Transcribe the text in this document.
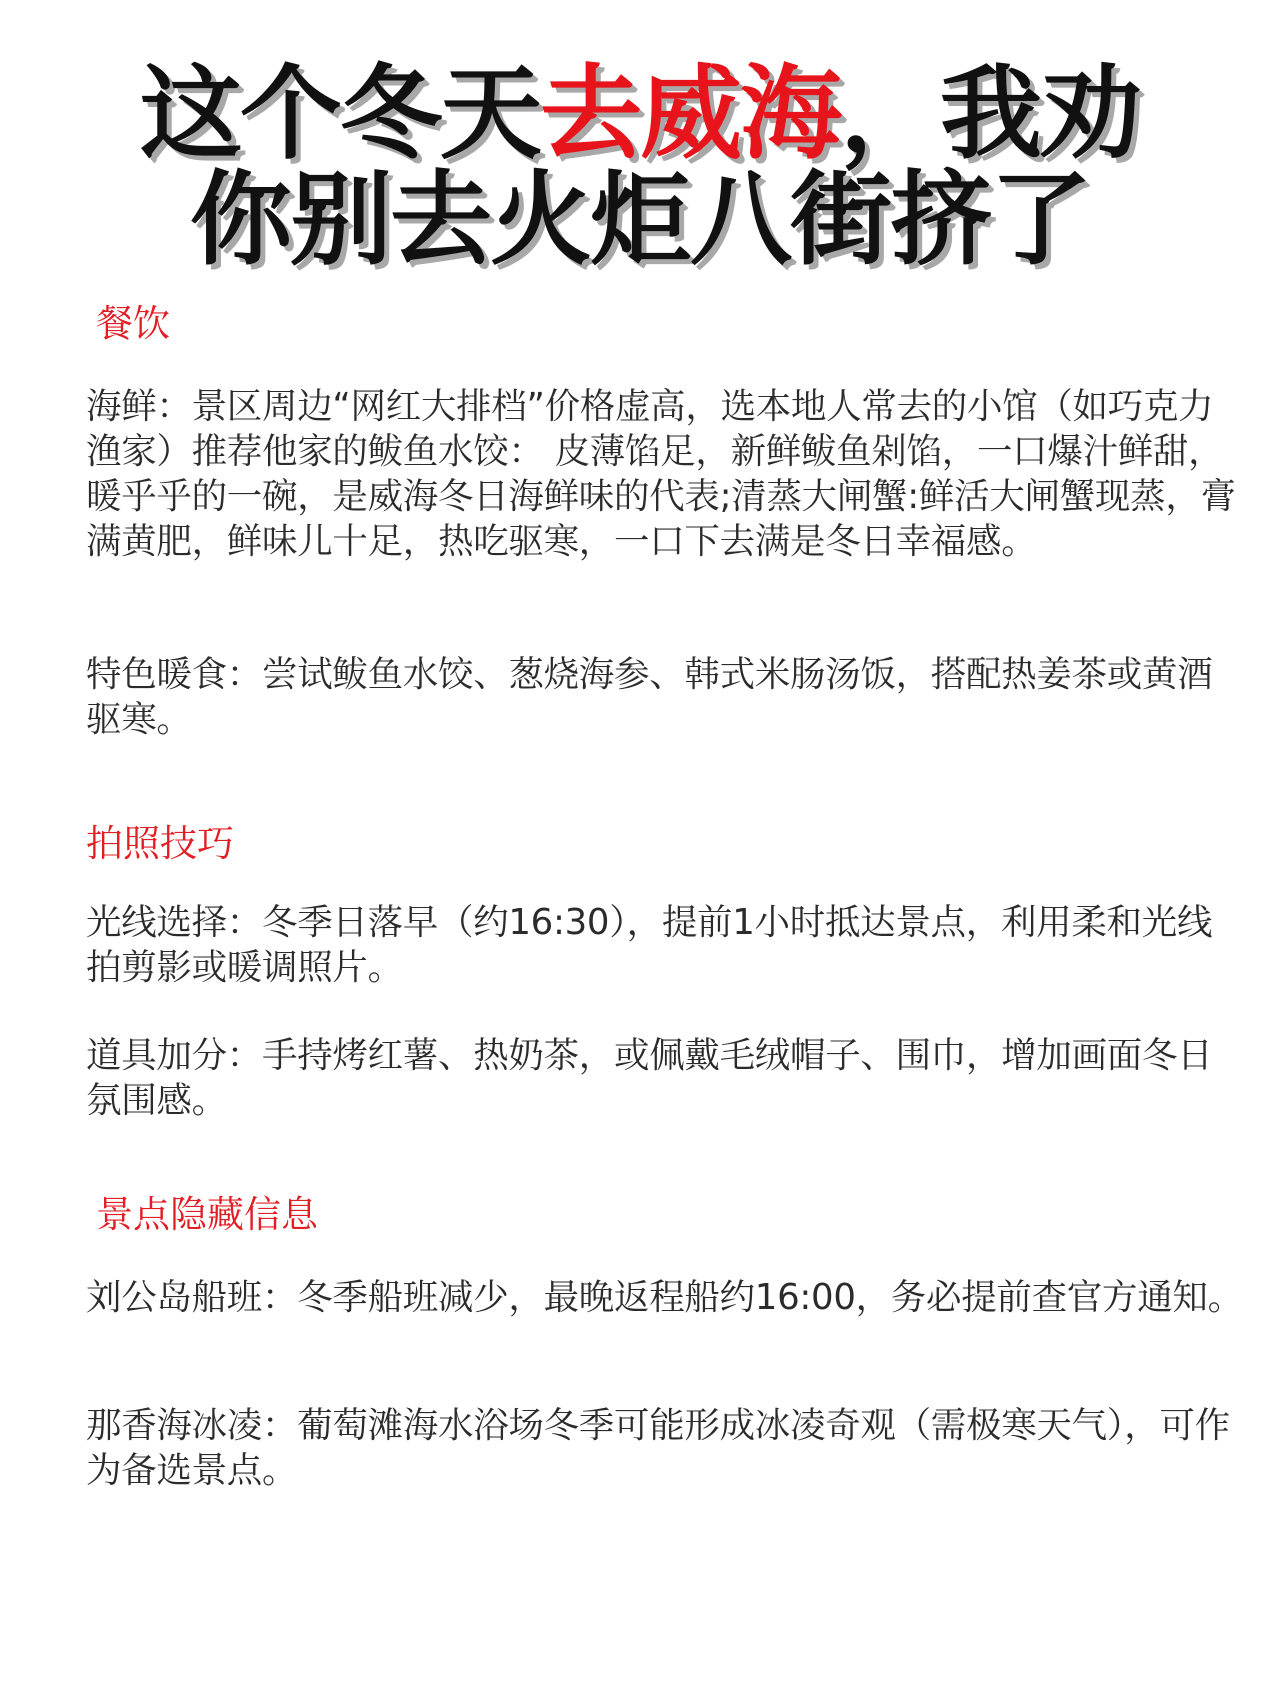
这个冬天去威海，我劝
你别去火炬八街挤了
餐饮

海鲜：景区周边“网红大排档”价格虚高，选本地人常去的小馆（如巧克力渔家）推荐他家的鲅鱼水饺： 皮薄馅足，新鲜鲅鱼剁馅，一口爆汁鲜甜，暖乎乎的一碗，是威海冬日海鲜味的代表;清蒸大闸蟹:鲜活大闸蟹现蒸，膏满黄肥，鲜味儿十足，热吃驱寒，一口下去满是冬日幸福感。

特色暖食：尝试鲅鱼水饺、葱烧海参、韩式米肠汤饭，搭配热姜茶或黄酒驱寒。

拍照技巧

光线选择：冬季日落早（约16:30），提前1小时抵达景点，利用柔和光线拍剪影或暖调照片。

道具加分：手持烤红薯、热奶茶，或佩戴毛绒帽子、围巾，增加画面冬日氛围感。

景点隐藏信息

刘公岛船班：冬季船班减少，最晚返程船约16:00，务必提前查官方通知。

那香海冰凌：葡萄滩海水浴场冬季可能形成冰凌奇观（需极寒天气），可作为备选景点。
